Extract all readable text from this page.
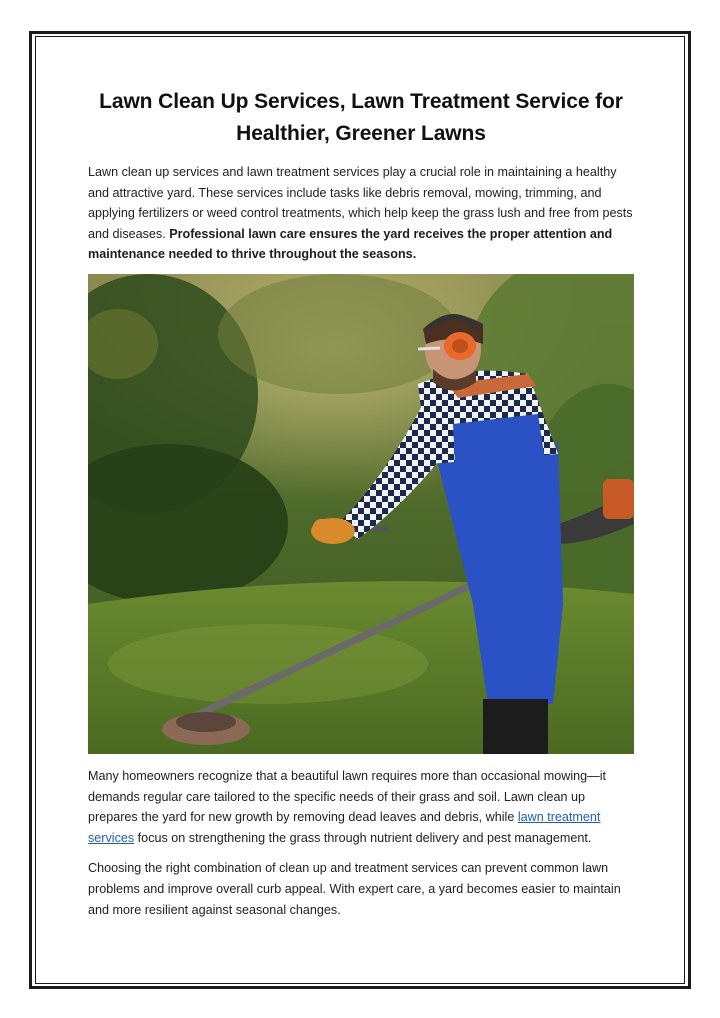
Lawn Clean Up Services, Lawn Treatment Service for Healthier, Greener Lawns

Lawn clean up services and lawn treatment services play a crucial role in maintaining a healthy and attractive yard. These services include tasks like debris removal, mowing, trimming, and applying fertilizers or weed control treatments, which help keep the grass lush and free from pests and diseases. Professional lawn care ensures the yard receives the proper attention and maintenance needed to thrive throughout the seasons.

Many homeowners recognize that a beautiful lawn requires more than occasional mowing—it demands regular care tailored to the specific needs of their grass and soil. Lawn clean up prepares the yard for new growth by removing dead leaves and debris, while lawn treatment services focus on strengthening the grass through nutrient delivery and pest management.

Choosing the right combination of clean up and treatment services can prevent common lawn problems and improve overall curb appeal. With expert care, a yard becomes easier to maintain and more resilient against seasonal changes.
